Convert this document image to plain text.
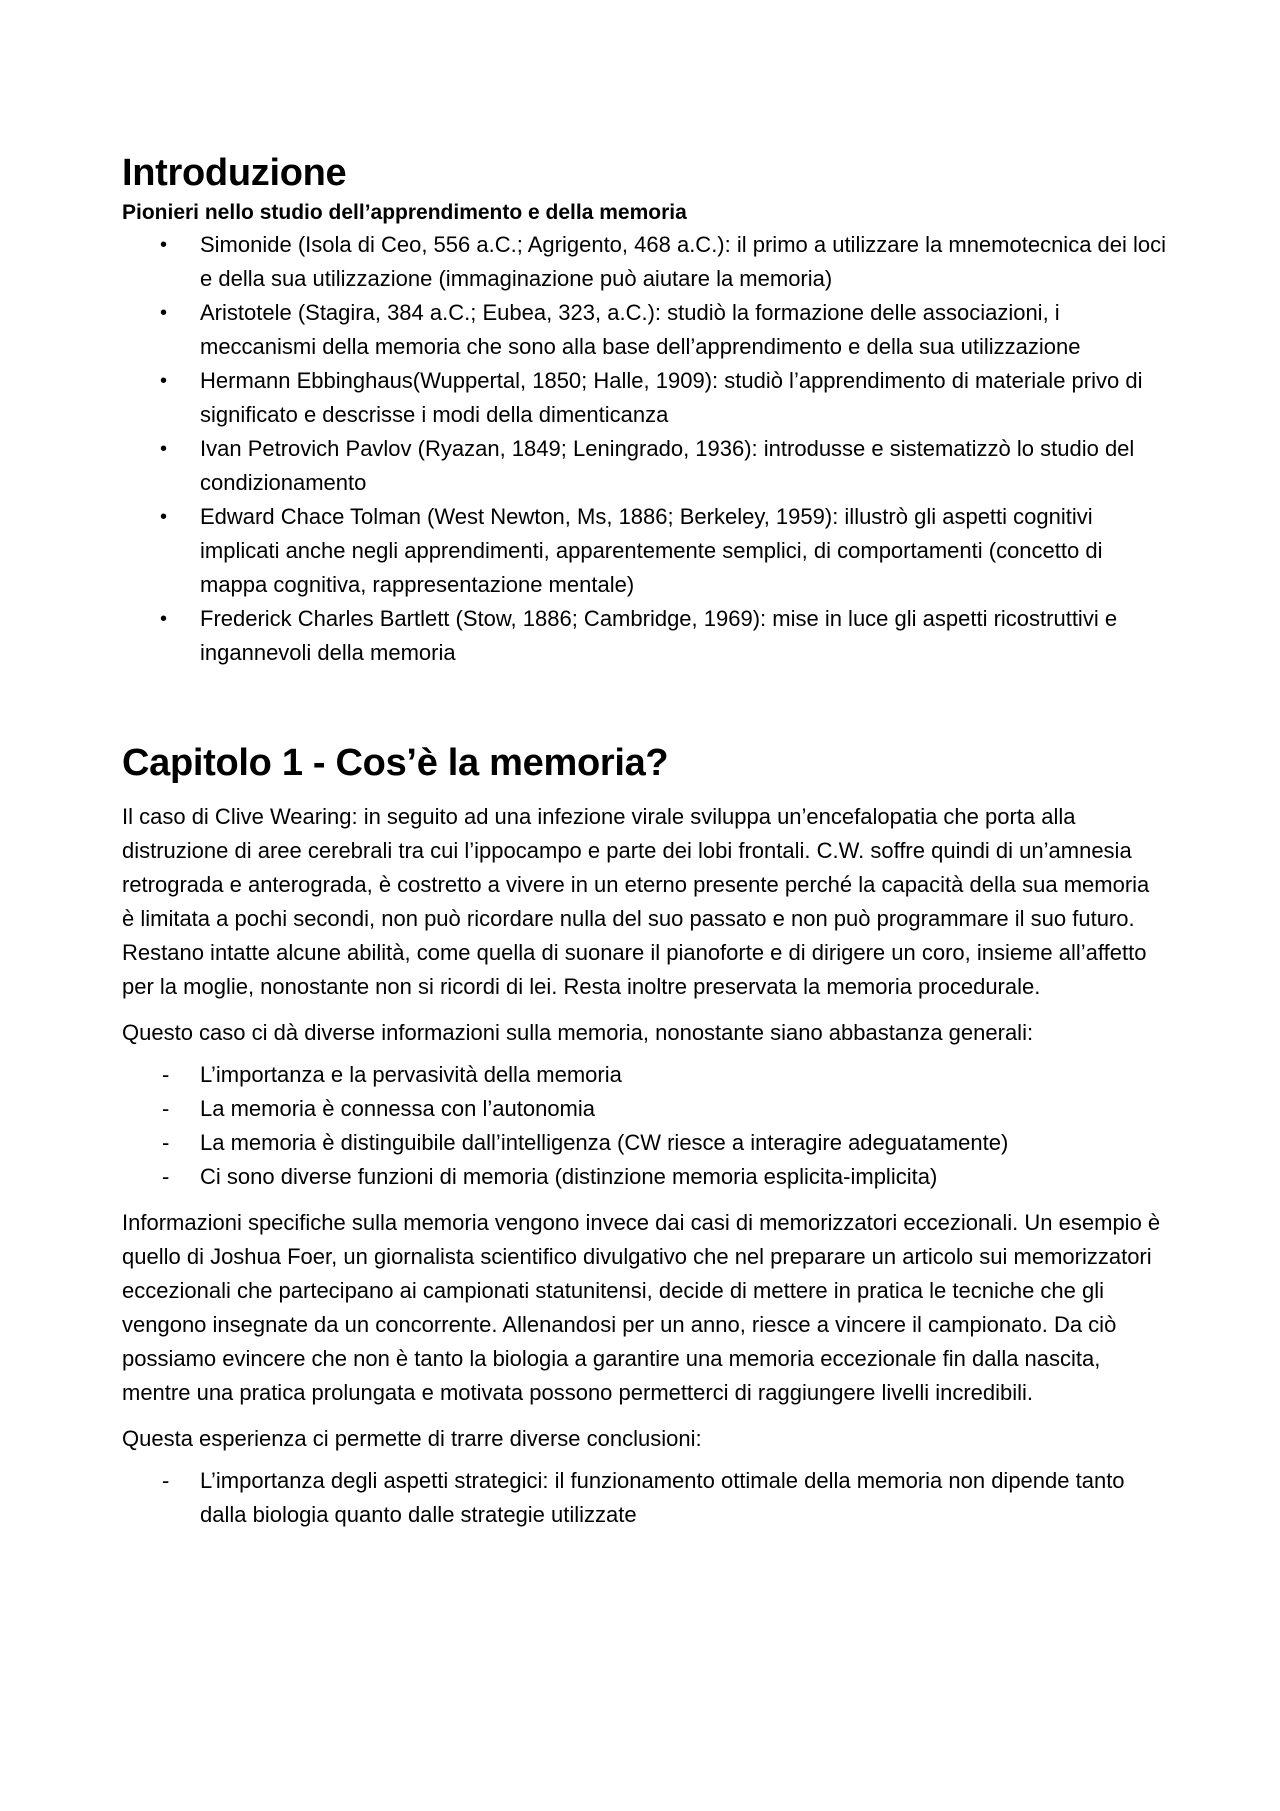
Introduzione
Pionieri nello studio dell’apprendimento e della memoria
• Simonide (Isola di Ceo, 556 a.C.; Agrigento, 468 a.C.): il primo a utilizzare la mnemotecnica dei loci e della sua utilizzazione (immaginazione può aiutare la memoria)
• Aristotele (Stagira, 384 a.C.; Eubea, 323, a.C.): studiò la formazione delle associazioni, i meccanismi della memoria che sono alla base dell’apprendimento e della sua utilizzazione
• Hermann Ebbinghaus(Wuppertal, 1850; Halle, 1909): studiò l’apprendimento di materiale privo di significato e descrisse i modi della dimenticanza
• Ivan Petrovich Pavlov (Ryazan, 1849; Leningrado, 1936): introdusse e sistematizzò lo studio del condizionamento
• Edward Chace Tolman (West Newton, Ms, 1886; Berkeley, 1959): illustrò gli aspetti cognitivi implicati anche negli apprendimenti, apparentemente semplici, di comportamenti (concetto di mappa cognitiva, rappresentazione mentale)
• Frederick Charles Bartlett (Stow, 1886; Cambridge, 1969): mise in luce gli aspetti ricostruttivi e ingannevoli della memoria
Capitolo 1 - Cos’è la memoria?

Il caso di Clive Wearing: in seguito ad una infezione virale sviluppa un’encefalopatia che porta alla distruzione di aree cerebrali tra cui l’ippocampo e parte dei lobi frontali. C.W. soffre quindi di un’amnesia retrograda e anterograda, è costretto a vivere in un eterno presente perché la capacità della sua memoria è limitata a pochi secondi, non può ricordare nulla del suo passato e non può programmare il suo futuro. Restano intatte alcune abilità, come quella di suonare il pianoforte e di dirigere un coro, insieme all’affetto per la moglie, nonostante non si ricordi di lei. Resta inoltre preservata la memoria procedurale.

Questo caso ci dà diverse informazioni sulla memoria, nonostante siano abbastanza generali:

- L’importanza e la pervasività della memoria
- La memoria è connessa con l’autonomia
- La memoria è distinguibile dall’intelligenza (CW riesce a interagire adeguatamente)
- Ci sono diverse funzioni di memoria (distinzione memoria esplicita-implicita)

Informazioni specifiche sulla memoria vengono invece dai casi di memorizzatori eccezionali. Un esempio è quello di Joshua Foer, un giornalista scientifico divulgativo che nel preparare un articolo sui memorizzatori eccezionali che partecipano ai campionati statunitensi, decide di mettere in pratica le tecniche che gli vengono insegnate da un concorrente. Allenandosi per un anno, riesce a vincere il campionato. Da ciò possiamo evincere che non è tanto la biologia a garantire una memoria eccezionale fin dalla nascita, mentre una pratica prolungata e motivata possono permetterci di raggiungere livelli incredibili.

Questa esperienza ci permette di trarre diverse conclusioni:

- L’importanza degli aspetti strategici: il funzionamento ottimale della memoria non dipende tanto dalla biologia quanto dalle strategie utilizzate
